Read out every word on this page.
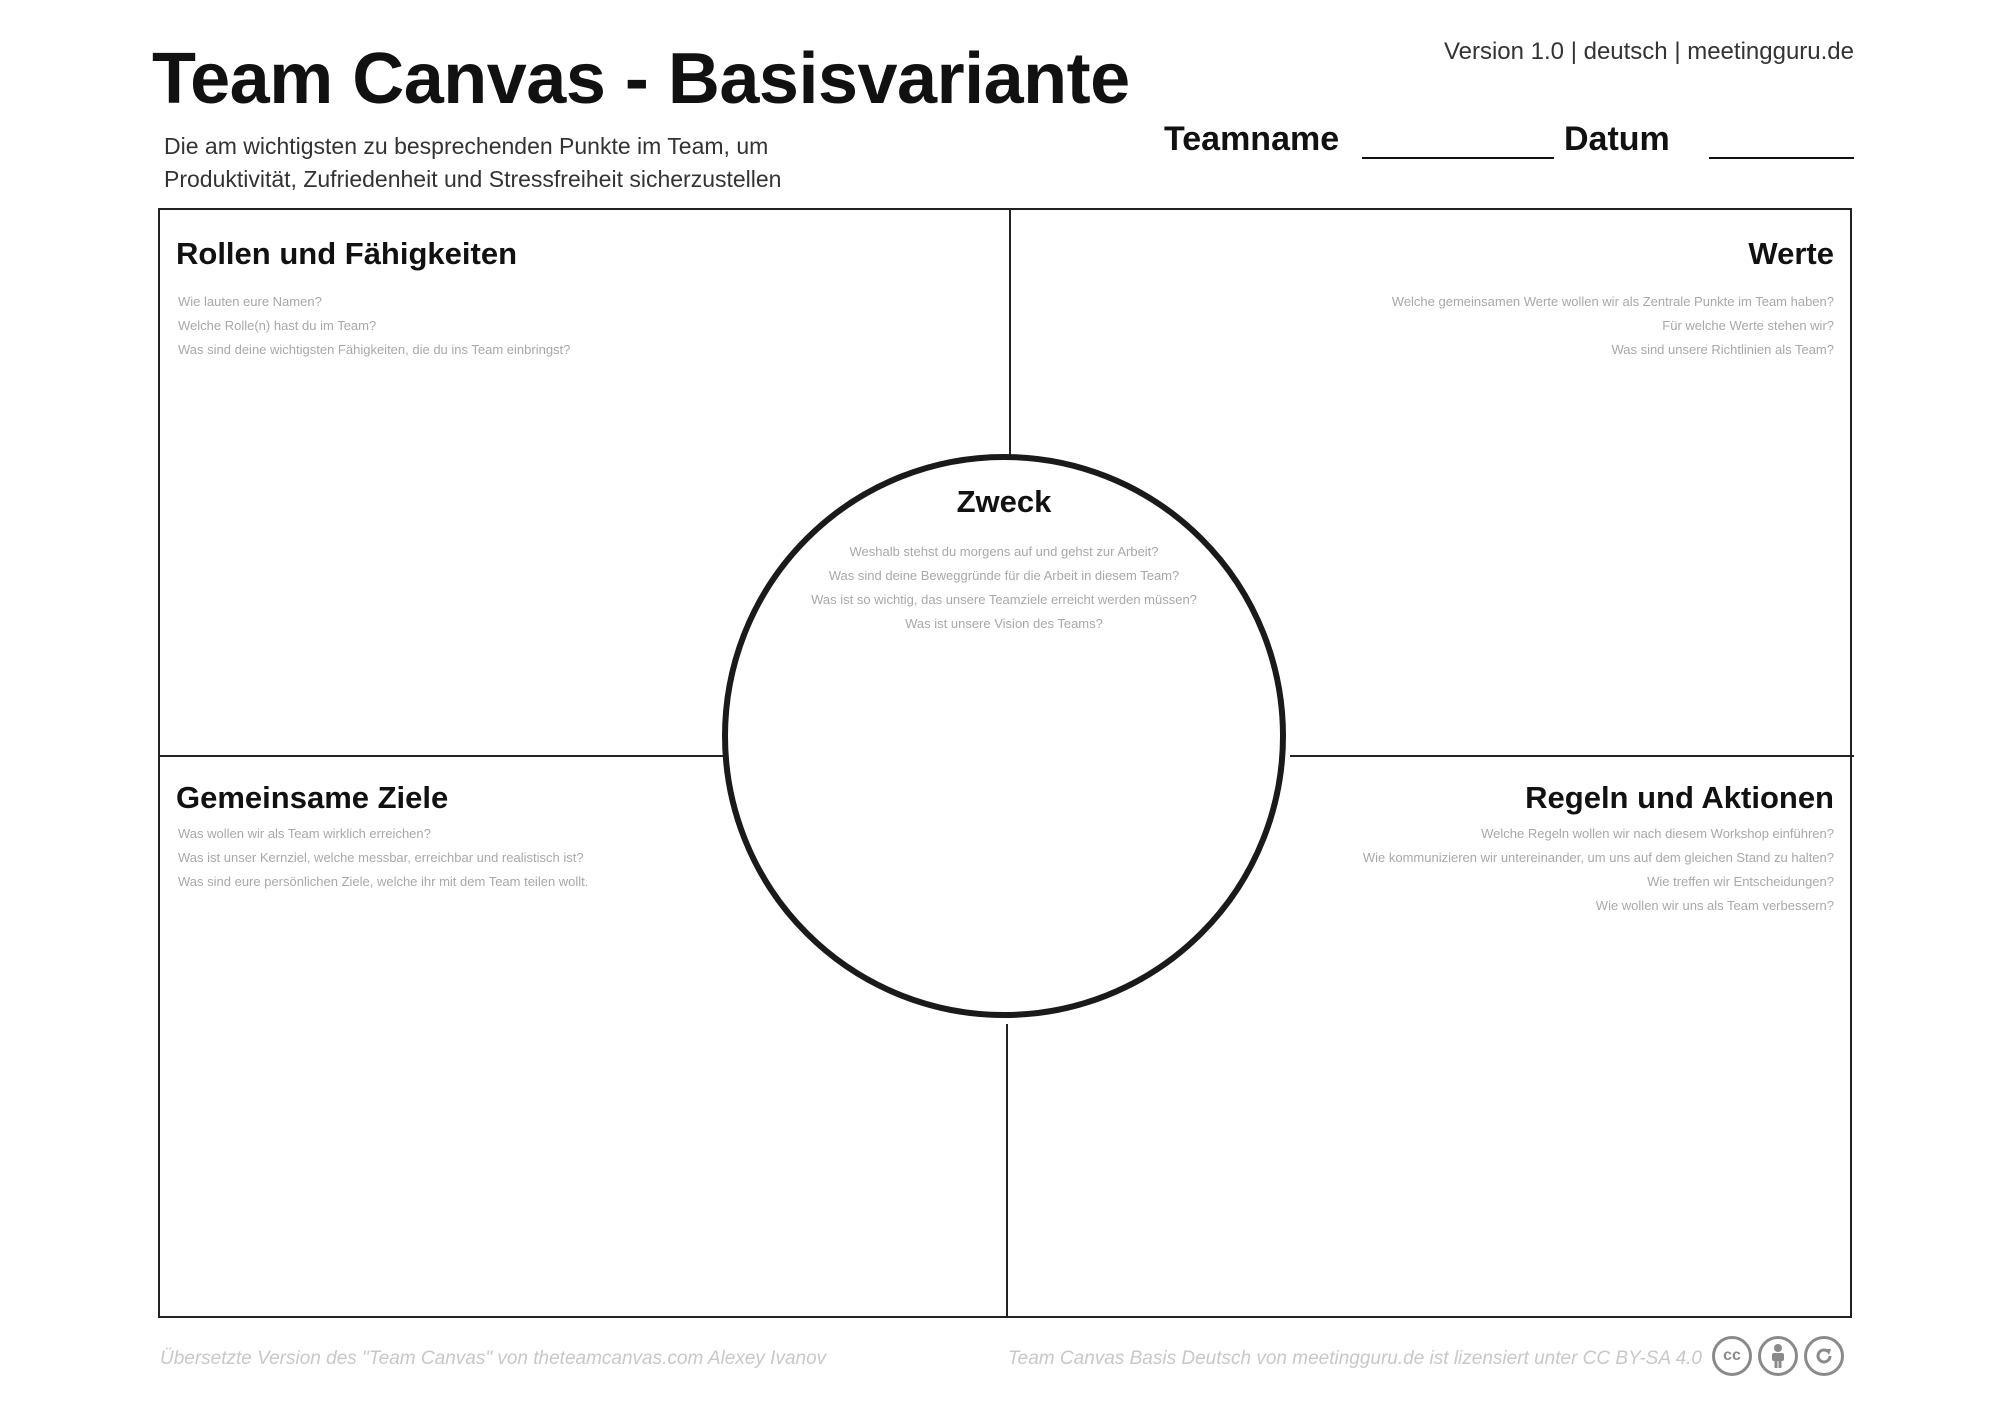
Team Canvas - Basisvariante
Die am wichtigsten zu besprechenden Punkte im Team, um
Produktivität, Zufriedenheit und Stressfreiheit sicherzustellen
Version 1.0 | deutsch | meetingguru.de
Teamname	Datum
Rollen und Fähigkeiten
Wie lauten eure Namen?
Welche Rolle(n) hast du im Team?
Was sind deine wichtigsten Fähigkeiten, die du ins Team einbringst?
Werte
Welche gemeinsamen Werte wollen wir als Zentrale Punkte im Team haben?
Für welche Werte stehen wir?
Was sind unsere Richtlinien als Team?
Gemeinsame Ziele
Was wollen wir als Team wirklich erreichen?
Was ist unser Kernziel, welche messbar, erreichbar und realistisch ist?
Was sind eure persönlichen Ziele, welche ihr mit dem Team teilen wollt.
Regeln und Aktionen
Welche Regeln wollen wir nach diesem Workshop einführen?
Wie kommunizieren wir untereinander, um uns auf dem gleichen Stand zu halten?
Wie treffen wir Entscheidungen?
Wie wollen wir uns als Team verbessern?
Zweck
Weshalb stehst du morgens auf und gehst zur Arbeit?
Was sind deine Beweggründe für die Arbeit in diesem Team?
Was ist so wichtig, das unsere Teamziele erreicht werden müssen?
Was ist unsere Vision des Teams?
Übersetzte Version des "Team Canvas" von theteamcanvas.com Alexey Ivanov	Team Canvas Basis Deutsch von meetingguru.de ist lizensiert unter CC BY-SA 4.0	cc
